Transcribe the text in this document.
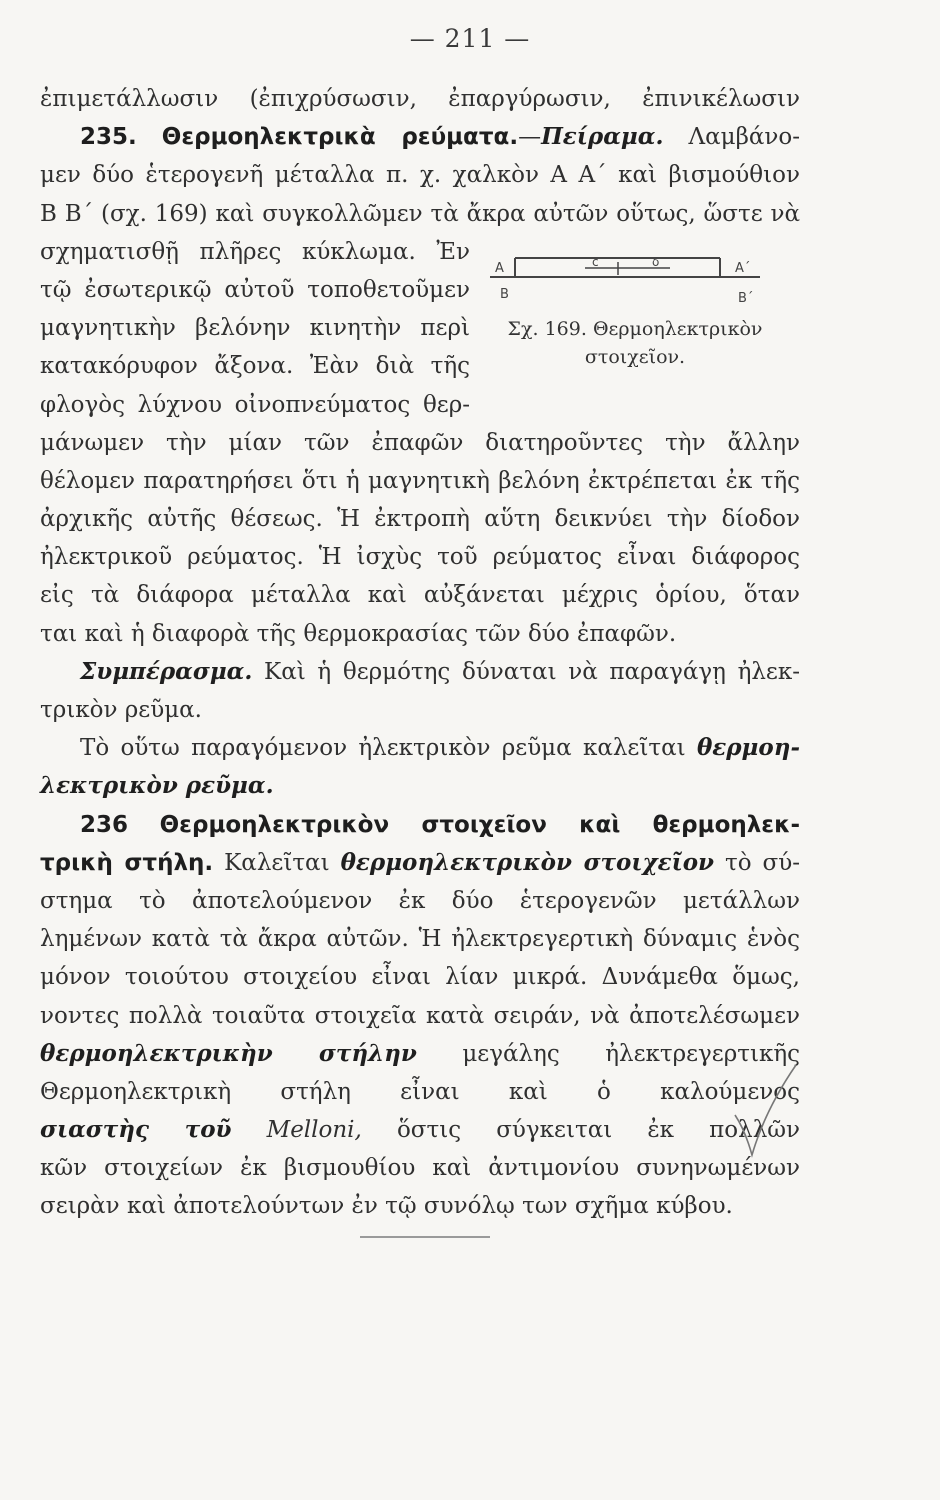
— 211 —
ἐπιμετάλλωσιν (ἐπιχρύσωσιν, ἐπαργύρωσιν, ἐπινικέλωσιν
235. Θερμοηλεκτρικὰ ρεύματα.—Πείραμα. Λαμβάνο-
μεν δύο ἑτερογενῆ μέταλλα π. χ. χαλκὸν Α Α΄ καὶ βισμούθιον
Β Β΄ (σχ. 169) καὶ συγκολλῶμεν τὰ ἄκρα αὐτῶν οὕτως, ὥστε νὰ
σχηματισθῇ πλῆρες κύκλωμα. Ἐν
τῷ ἐσωτερικῷ αὐτοῦ τοποθετοῦμεν
μαγνητικὴν βελόνην κινητὴν περὶ
κατακόρυφον ἄξονα. Ἐὰν διὰ τῆς
φλογὸς λύχνου οἰνοπνεύματος θερ-
μάνωμεν τὴν μίαν τῶν ἐπαφῶν διατηροῦντες τὴν ἄλλην
θέλομεν παρατηρήσει ὅτι ἡ μαγνητικὴ βελόνη ἐκτρέπεται ἐκ τῆς
ἀρχικῆς αὐτῆς θέσεως. Ἡ ἐκτροπὴ αὕτη δεικνύει τὴν δίοδον
ἠλεκτρικοῦ ρεύματος. Ἡ ἰσχὺς τοῦ ρεύματος εἶναι διάφορος
εἰς τὰ διάφορα μέταλλα καὶ αὐξάνεται μέχρις ὁρίου, ὅταν
ται καὶ ἡ διαφορὰ τῆς θερμοκρασίας τῶν δύο ἐπαφῶν.
Συμπέρασμα. Καὶ ἡ θερμότης δύναται νὰ παραγάγῃ ἠλεκ-
τρικὸν ρεῦμα.
Τὸ οὕτω παραγόμενον ἠλεκτρικὸν ρεῦμα καλεῖται θερμοη-
λεκτρικὸν ρεῦμα.
236 Θερμοηλεκτρικὸν στοιχεῖον καὶ θερμοηλεκ-
τρικὴ στήλη. Καλεῖται θερμοηλεκτρικὸν στοιχεῖον τὸ σύ-
στημα τὸ ἀποτελούμενον ἐκ δύο ἑτερογενῶν μετάλλων
λημένων κατὰ τὰ ἄκρα αὐτῶν. Ἡ ἠλεκτρεγερτικὴ δύναμις ἑνὸς
μόνον τοιούτου στοιχείου εἶναι λίαν μικρά. Δυνάμεθα ὅμως,
νοντες πολλὰ τοιαῦτα στοιχεῖα κατὰ σειράν, νὰ ἀποτελέσωμεν
θερμοηλεκτρικὴν στήλην μεγάλης ἠλεκτρεγερτικῆς
Θερμοηλεκτρικὴ στήλη εἶναι καὶ ὁ καλούμενος
σιαστὴς τοῦ Melloni, ὅστις σύγκειται ἐκ πολλῶν
κῶν στοιχείων ἐκ βισμουθίου καὶ ἀντιμονίου συνηνωμένων
σειρὰν καὶ ἀποτελούντων ἐν τῷ συνόλῳ των σχῆμα κύβου.
A	A΄
B	B΄
c	δ
Σχ. 169. Θερμοηλεκτρικὸν
στοιχεῖον.
